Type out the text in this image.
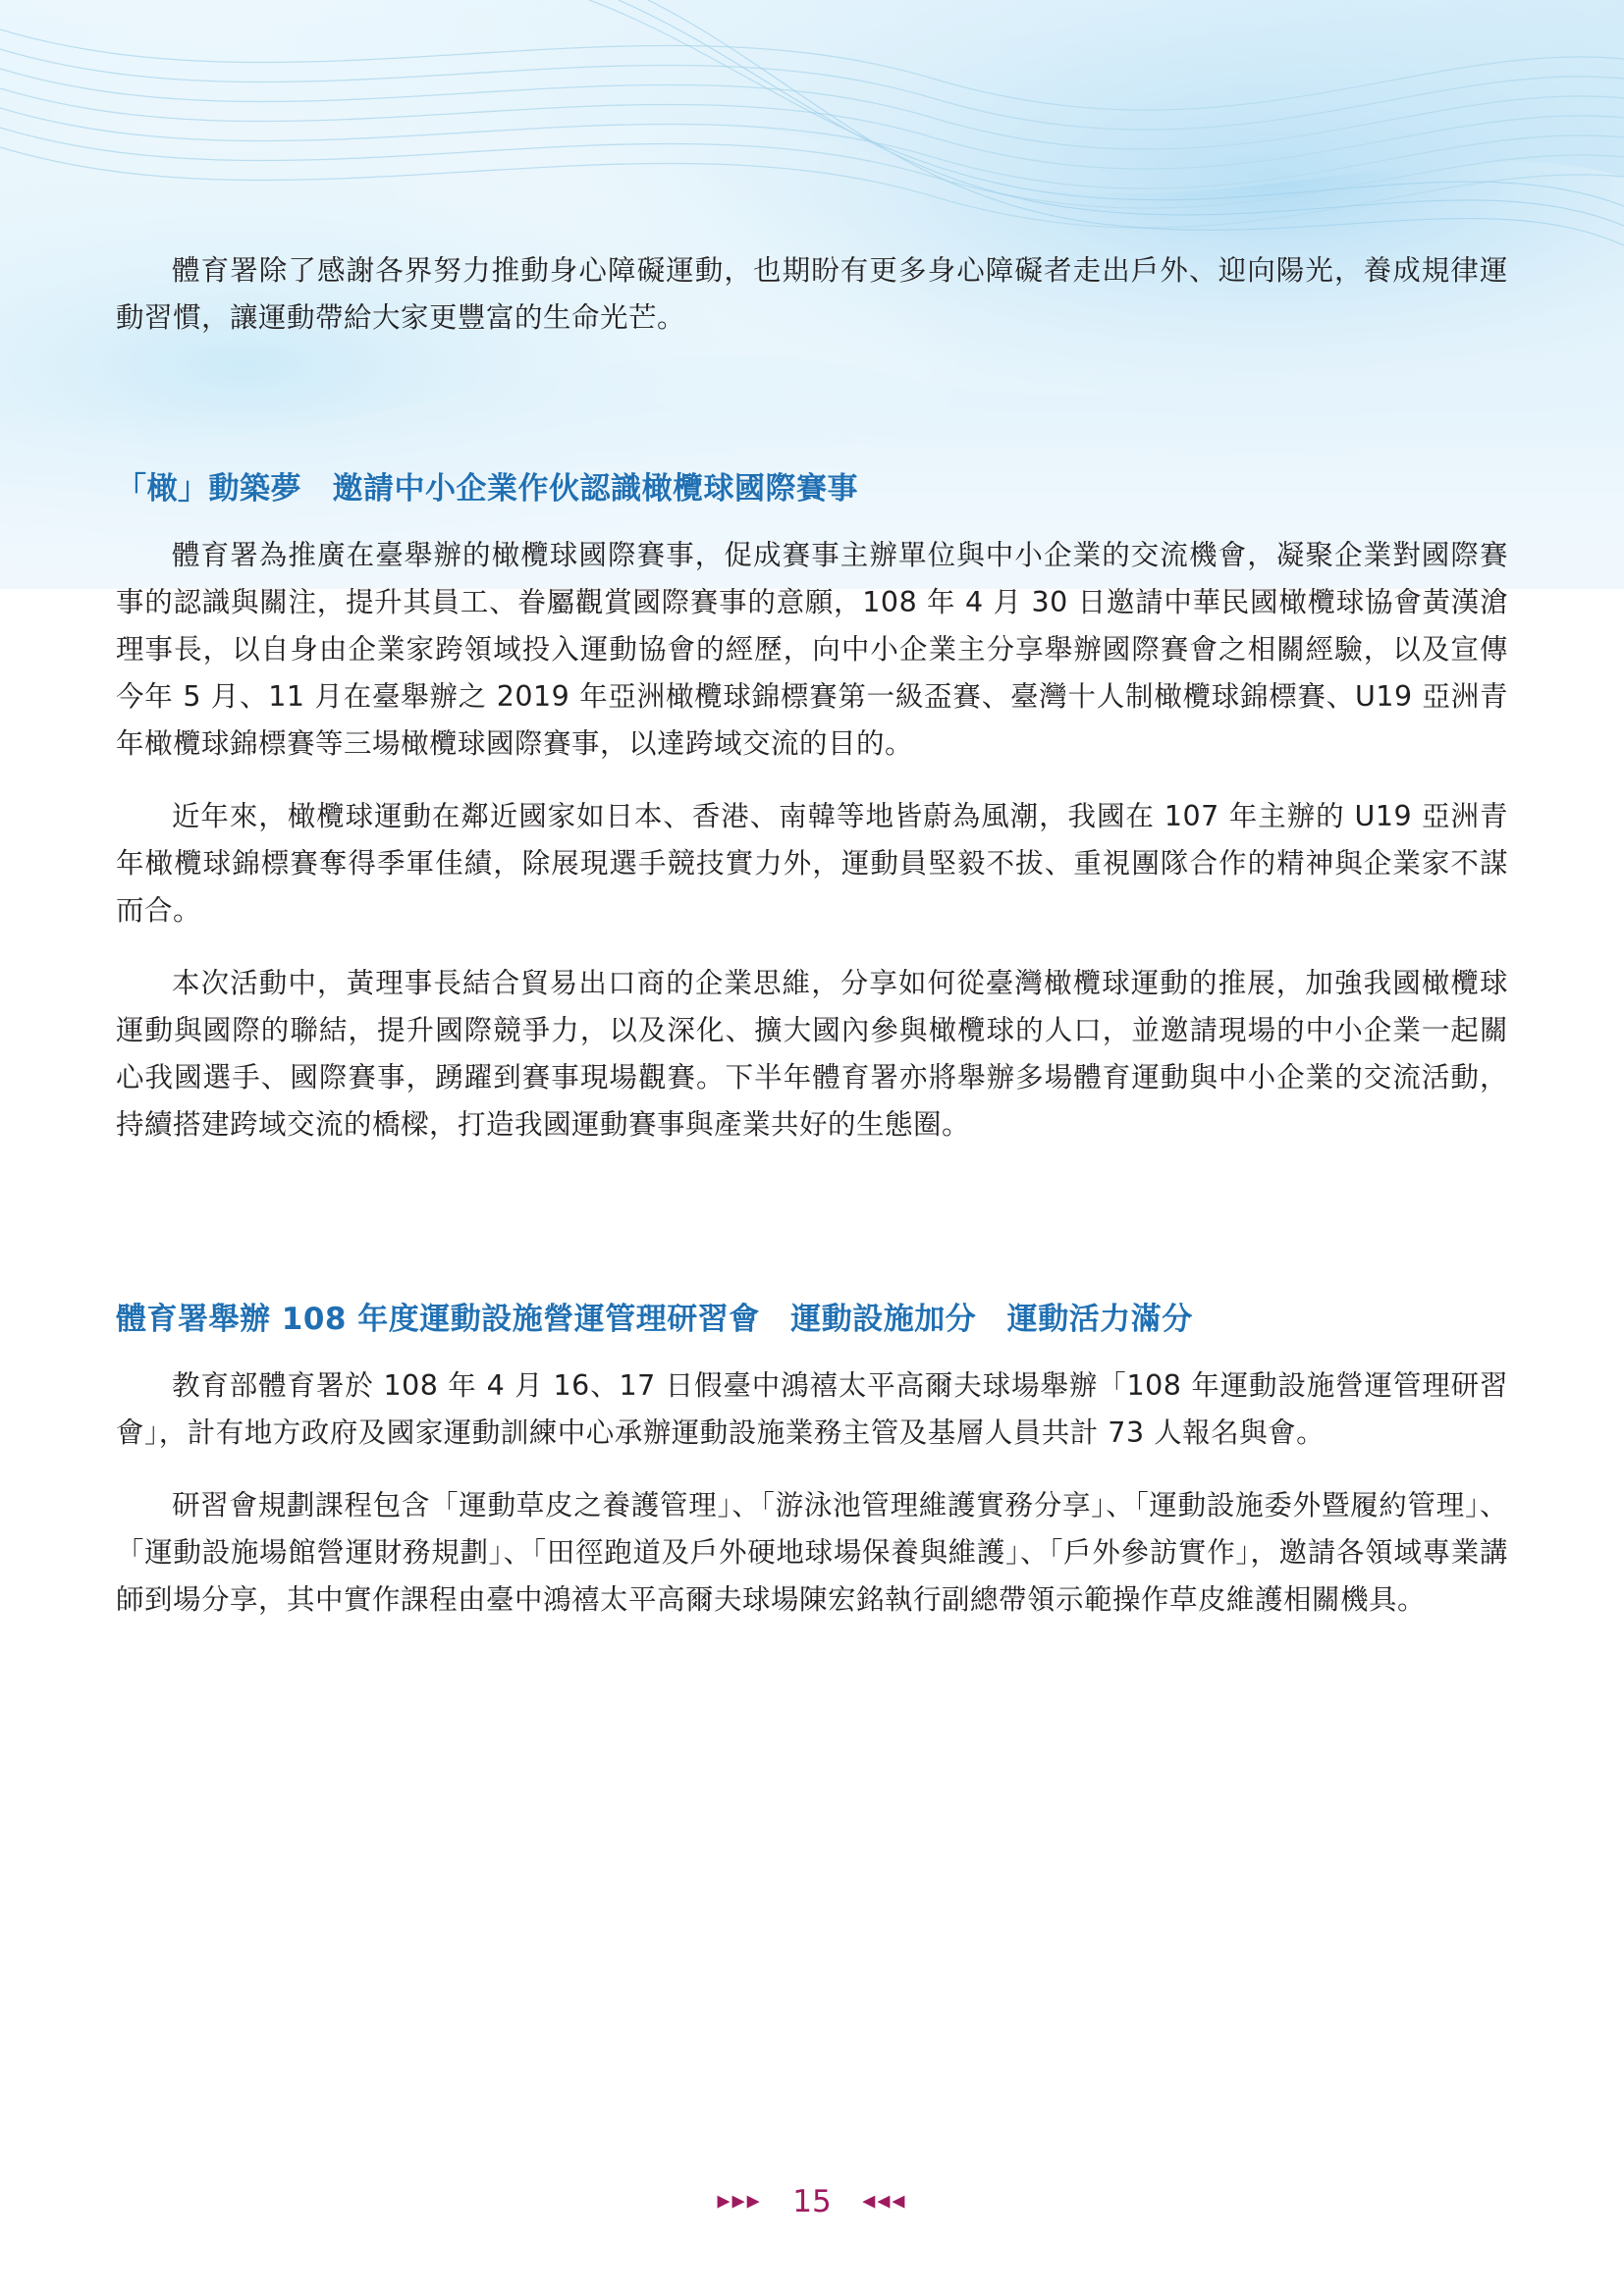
體育署除了感謝各界努力推動身心障礙運動，也期盼有更多身心障礙者走出戶外、迎向陽光，養成規律運動習慣，讓運動帶給大家更豐富的生命光芒。

「橄」動築夢　邀請中小企業作伙認識橄欖球國際賽事

體育署為推廣在臺舉辦的橄欖球國際賽事，促成賽事主辦單位與中小企業的交流機會，凝聚企業對國際賽事的認識與關注，提升其員工、眷屬觀賞國際賽事的意願，108 年 4 月 30 日邀請中華民國橄欖球協會黃漢滄理事長，以自身由企業家跨領域投入運動協會的經歷，向中小企業主分享舉辦國際賽會之相關經驗，以及宣傳今年 5 月、11 月在臺舉辦之 2019 年亞洲橄欖球錦標賽第一級盃賽、臺灣十人制橄欖球錦標賽、U19 亞洲青年橄欖球錦標賽等三場橄欖球國際賽事，以達跨域交流的目的。

近年來，橄欖球運動在鄰近國家如日本、香港、南韓等地皆蔚為風潮，我國在 107 年主辦的 U19 亞洲青年橄欖球錦標賽奪得季軍佳績，除展現選手競技實力外，運動員堅毅不拔、重視團隊合作的精神與企業家不謀而合。

本次活動中，黃理事長結合貿易出口商的企業思維，分享如何從臺灣橄欖球運動的推展，加強我國橄欖球運動與國際的聯結，提升國際競爭力，以及深化、擴大國內參與橄欖球的人口，並邀請現場的中小企業一起關心我國選手、國際賽事，踴躍到賽事現場觀賽。下半年體育署亦將舉辦多場體育運動與中小企業的交流活動，持續搭建跨域交流的橋樑，打造我國運動賽事與產業共好的生態圈。

體育署舉辦 108 年度運動設施營運管理研習會　運動設施加分　運動活力滿分

教育部體育署於 108 年 4 月 16、17 日假臺中鴻禧太平高爾夫球場舉辦「108 年運動設施營運管理研習會」，計有地方政府及國家運動訓練中心承辦運動設施業務主管及基層人員共計 73 人報名與會。

研習會規劃課程包含「運動草皮之養護管理」、「游泳池管理維護實務分享」、「運動設施委外暨履約管理」、「運動設施場館營運財務規劃」、「田徑跑道及戶外硬地球場保養與維護」、「戶外參訪實作」，邀請各領域專業講師到場分享，其中實作課程由臺中鴻禧太平高爾夫球場陳宏銘執行副總帶領示範操作草皮維護相關機具。

▶▶▶ 15 ◀◀◀
